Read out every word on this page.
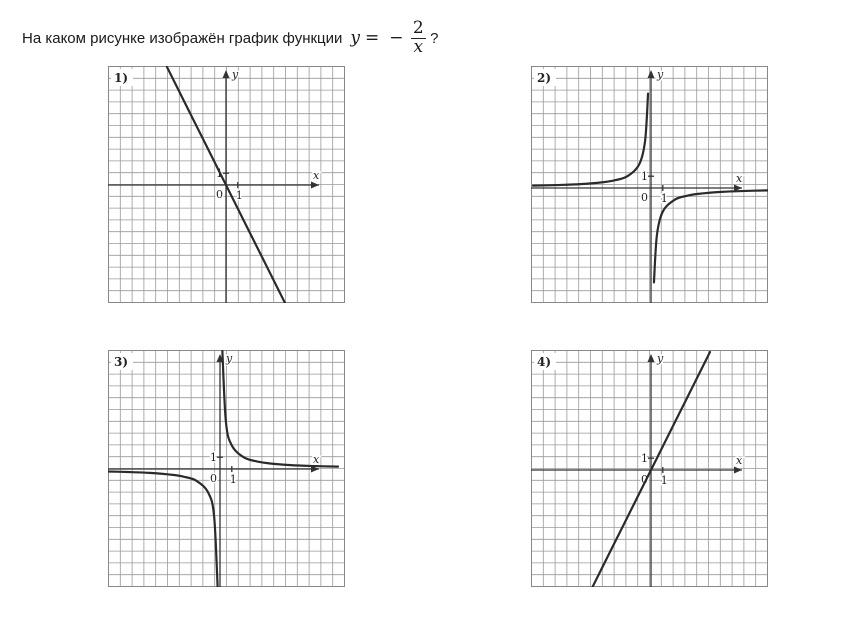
На каком рисунке изображён график функции y = − $\frac{2}{x}$ ?
1)
x
y
0 1
1
2)
x
y
0 1
1
3)
x
y
0 1
1
4)
x
y
0 1
1
